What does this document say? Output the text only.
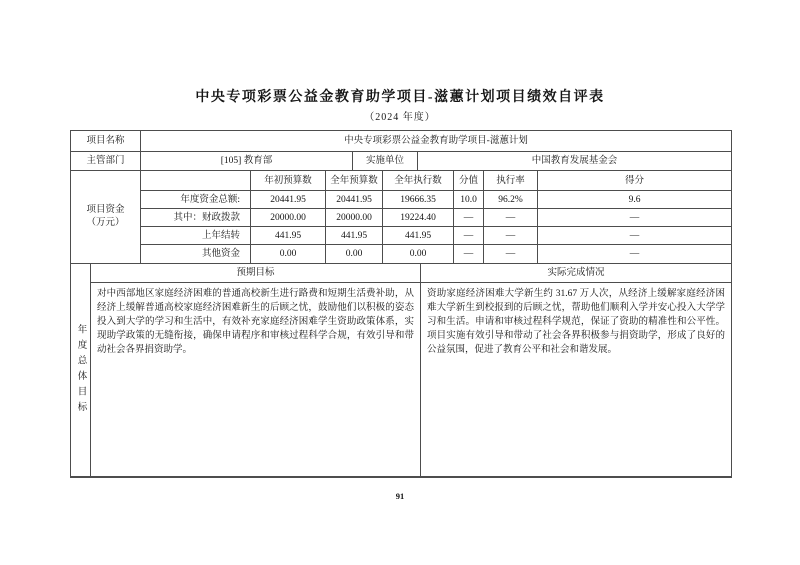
中央专项彩票公益金教育助学项目-滋蕙计划项目绩效自评表
（2024 年度）
项目名称	中央专项彩票公益金教育助学项目-滋蕙计划
主管部门	[105] 教育部	实施单位	中国教育发展基金会
项目资金
（万元）
年初预算数	全年预算数	全年执行数	分值	执行率	得分
年度资金总额:	20441.95	20441.95	19666.35	10.0	96.2%	9.6
其中：财政拨款	20000.00	20000.00	19224.40	—	—	—
上年结转	441.95	441.95	441.95	—	—	—
其他资金	0.00	0.00	0.00	—	—	—
年度总体目标
预期目标	实际完成情况
对中西部地区家庭经济困难的普通高校新生进行路费和短期生活费补助，从经济上缓解普通高校家庭经济困难新生的后顾之忧，鼓励他们以积极的姿态投入到大学的学习和生活中，有效补充家庭经济困难学生资助政策体系，实现助学政策的无缝衔接，确保申请程序和审核过程科学合规，有效引导和带动社会各界捐资助学。
资助家庭经济困难大学新生约 31.67 万人次，从经济上缓解家庭经济困难大学新生到校报到的后顾之忧，帮助他们顺利入学并安心投入大学学习和生活。申请和审核过程科学规范，保证了资助的精准性和公平性。项目实施有效引导和带动了社会各界积极参与捐资助学，形成了良好的公益氛围，促进了教育公平和社会和谐发展。
91
